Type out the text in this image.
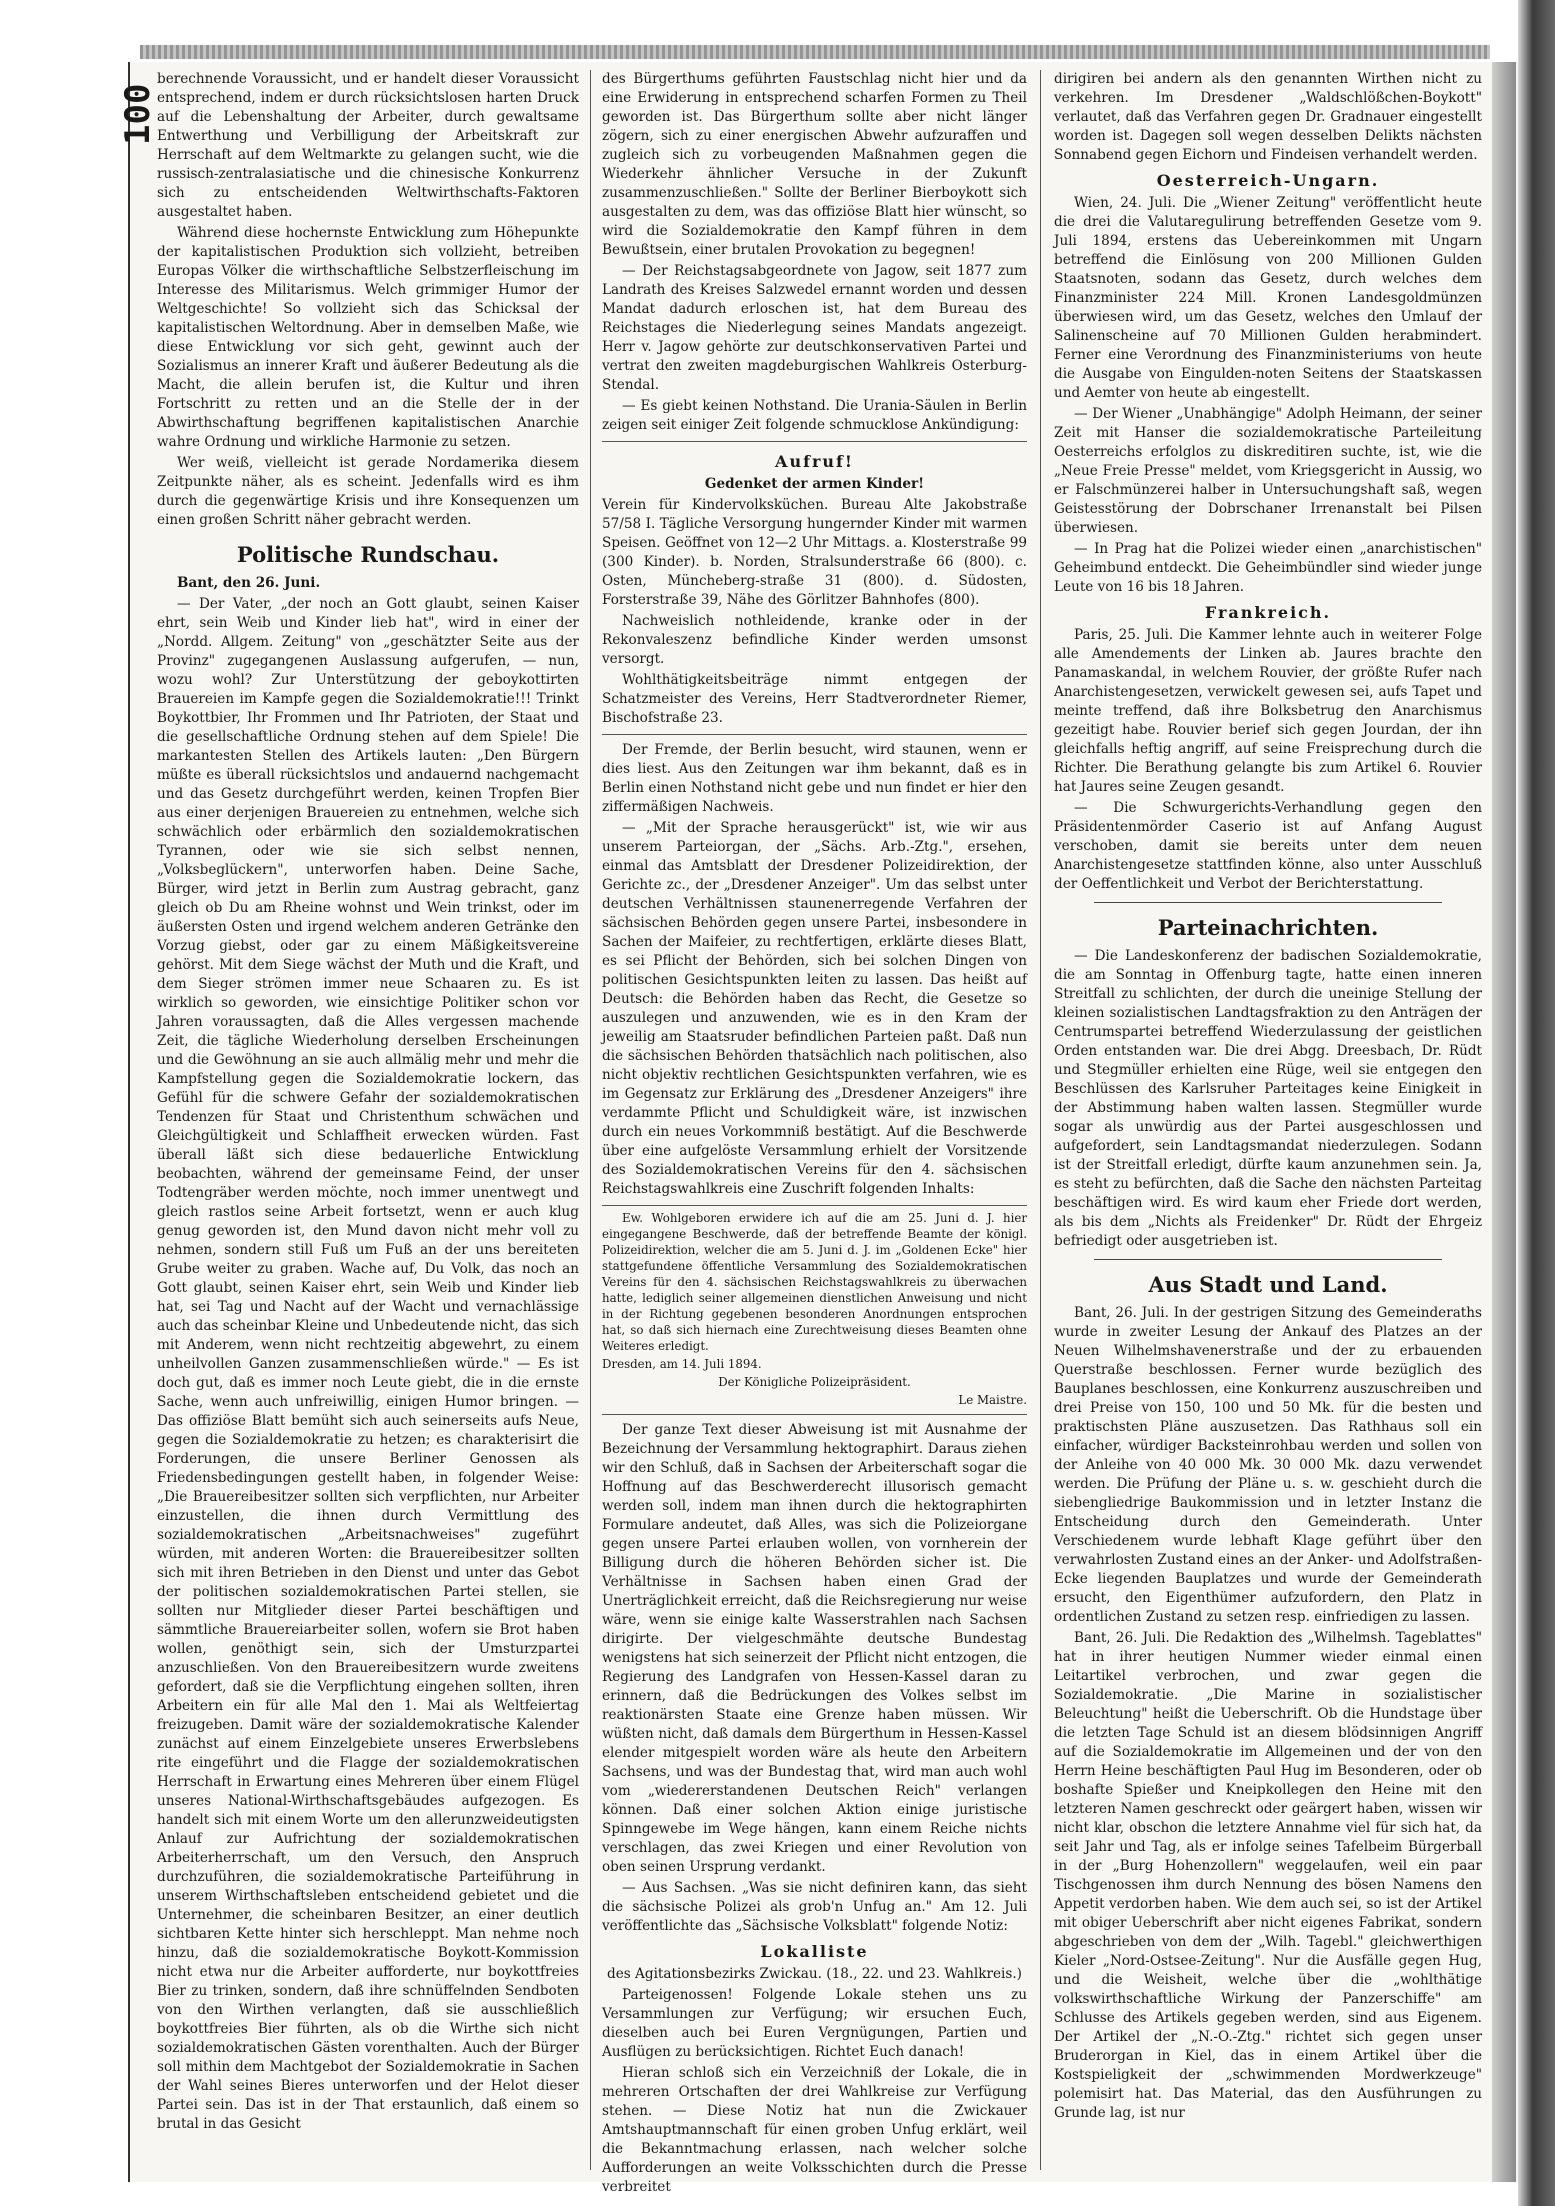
100

berechnende Voraussicht, und er handelt dieser Voraussicht entsprechend, indem er durch rücksichtslosen harten Druck auf die Lebenshaltung der Arbeiter, durch gewaltsame Entwerthung und Verbilligung der Arbeitskraft zur Herrschaft auf dem Weltmarkte zu gelangen sucht, wie die russisch-zentralasiatische und die chinesische Konkurrenz sich zu entscheidenden Weltwirthschafts-Faktoren ausgestaltet haben.

Während diese hochernste Entwicklung zum Höhepunkte der kapitalistischen Produktion sich vollzieht, betreiben Europas Völker die wirthschaftliche Selbstzerfleischung im Interesse des Militarismus. Welch grimmiger Humor der Weltgeschichte! So vollzieht sich das Schicksal der kapitalistischen Weltordnung. Aber in demselben Maße, wie diese Entwicklung vor sich geht, gewinnt auch der Sozialismus an innerer Kraft und äußerer Bedeutung als die Macht, die allein berufen ist, die Kultur und ihren Fortschritt zu retten und an die Stelle der in der Abwirthschaftung begriffenen kapitalistischen Anarchie wahre Ordnung und wirkliche Harmonie zu setzen.

Wer weiß, vielleicht ist gerade Nordamerika diesem Zeitpunkte näher, als es scheint. Jedenfalls wird es ihm durch die gegenwärtige Krisis und ihre Konsequenzen um einen großen Schritt näher gebracht werden.

Politische Rundschau.

Bant, den 26. Juni.

— Der Vater, „der noch an Gott glaubt, seinen Kaiser ehrt, sein Weib und Kinder lieb hat", wird in einer der „Nordd. Allgem. Zeitung" von „geschätzter Seite aus der Provinz" zugegangenen Auslassung aufgerufen, — nun, wozu wohl? Zur Unterstützung der geboykottirten Brauereien im Kampfe gegen die Sozialdemokratie!!! Trinkt Boykottbier, Ihr Frommen und Ihr Patrioten, der Staat und die gesellschaftliche Ordnung stehen auf dem Spiele! Die markantesten Stellen des Artikels lauten: „Den Bürgern müßte es überall rücksichtslos und andauernd nachgemacht und das Gesetz durchgeführt werden, keinen Tropfen Bier aus einer derjenigen Brauereien zu entnehmen, welche sich schwächlich oder erbärmlich den sozialdemokratischen Tyrannen, oder wie sie sich selbst nennen, „Volksbeglückern", unterworfen haben. Deine Sache, Bürger, wird jetzt in Berlin zum Austrag gebracht, ganz gleich ob Du am Rheine wohnst und Wein trinkst, oder im äußersten Osten und irgend welchem anderen Getränke den Vorzug giebst, oder gar zu einem Mäßigkeitsvereine gehörst. Mit dem Siege wächst der Muth und die Kraft, und dem Sieger strömen immer neue Schaaren zu. Es ist wirklich so geworden, wie einsichtige Politiker schon vor Jahren voraussagten, daß die Alles vergessen machende Zeit, die tägliche Wiederholung derselben Erscheinungen und die Gewöhnung an sie auch allmälig mehr und mehr die Kampfstellung gegen die Sozialdemokratie lockern, das Gefühl für die schwere Gefahr der sozialdemokratischen Tendenzen für Staat und Christenthum schwächen und Gleichgültigkeit und Schlaffheit erwecken würden. Fast überall läßt sich diese bedauerliche Entwicklung beobachten, während der gemeinsame Feind, der unser Todtengräber werden möchte, noch immer unentwegt und gleich rastlos seine Arbeit fortsetzt, wenn er auch klug genug geworden ist, den Mund davon nicht mehr voll zu nehmen, sondern still Fuß um Fuß an der uns bereiteten Grube weiter zu graben. Wache auf, Du Volk, das noch an Gott glaubt, seinen Kaiser ehrt, sein Weib und Kinder lieb hat, sei Tag und Nacht auf der Wacht und vernachlässige auch das scheinbar Kleine und Unbedeutende nicht, das sich mit Anderem, wenn nicht rechtzeitig abgewehrt, zu einem unheilvollen Ganzen zusammenschließen würde." — Es ist doch gut, daß es immer noch Leute giebt, die in die ernste Sache, wenn auch unfreiwillig, einigen Humor bringen. — Das offiziöse Blatt bemüht sich auch seinerseits aufs Neue, gegen die Sozialdemokratie zu hetzen; es charakterisirt die Forderungen, die unsere Berliner Genossen als Friedensbedingungen gestellt haben, in folgender Weise: „Die Brauereibesitzer sollten sich verpflichten, nur Arbeiter einzustellen, die ihnen durch Vermittlung des sozialdemokratischen „Arbeitsnachweises" zugeführt würden, mit anderen Worten: die Brauereibesitzer sollten sich mit ihren Betrieben in den Dienst und unter das Gebot der politischen sozialdemokratischen Partei stellen, sie sollten nur Mitglieder dieser Partei beschäftigen und sämmtliche Brauereiarbeiter sollen, wofern sie Brot haben wollen, genöthigt sein, sich der Umsturzpartei anzuschließen. Von den Brauereibesitzern wurde zweitens gefordert, daß sie die Verpflichtung eingehen sollten, ihren Arbeitern ein für alle Mal den 1. Mai als Weltfeiertag freizugeben. Damit wäre der sozialdemokratische Kalender zunächst auf einem Einzelgebiete unseres Erwerbslebens rite eingeführt und die Flagge der sozialdemokratischen Herrschaft in Erwartung eines Mehreren über einem Flügel unseres National-Wirthschaftsgebäudes aufgezogen. Es handelt sich mit einem Worte um den allerunzweideutigsten Anlauf zur Aufrichtung der sozialdemokratischen Arbeiterherrschaft, um den Versuch, den Anspruch durchzuführen, die sozialdemokratische Parteiführung in unserem Wirthschaftsleben entscheidend gebietet und die Unternehmer, die scheinbaren Besitzer, an einer deutlich sichtbaren Kette hinter sich herschleppt. Man nehme noch hinzu, daß die sozialdemokratische Boykott-Kommission nicht etwa nur die Arbeiter aufforderte, nur boykottfreies Bier zu trinken, sondern, daß ihre schnüffelnden Sendboten von den Wirthen verlangten, daß sie ausschließlich boykottfreies Bier führten, als ob die Wirthe sich nicht sozialdemokratischen Gästen vorenthalten. Auch der Bürger soll mithin dem Machtgebot der Sozialdemokratie in Sachen der Wahl seines Bieres unterworfen und der Helot dieser Partei sein. Das ist in der That erstaunlich, daß einem so brutal in das Gesicht

des Bürgerthums geführten Faustschlag nicht hier und da eine Erwiderung in entsprechend scharfen Formen zu Theil geworden ist. Das Bürgerthum sollte aber nicht länger zögern, sich zu einer energischen Abwehr aufzuraffen und zugleich sich zu vorbeugenden Maßnahmen gegen die Wiederkehr ähnlicher Versuche in der Zukunft zusammenzuschließen." Sollte der Berliner Bierboykott sich ausgestalten zu dem, was das offiziöse Blatt hier wünscht, so wird die Sozialdemokratie den Kampf führen in dem Bewußtsein, einer brutalen Provokation zu begegnen!

— Der Reichstagsabgeordnete von Jagow, seit 1877 zum Landrath des Kreises Salzwedel ernannt worden und dessen Mandat dadurch erloschen ist, hat dem Bureau des Reichstages die Niederlegung seines Mandats angezeigt. Herr v. Jagow gehörte zur deutschkonservativen Partei und vertrat den zweiten magdeburgischen Wahlkreis Osterburg-Stendal.

— Es giebt keinen Nothstand. Die Urania-Säulen in Berlin zeigen seit einiger Zeit folgende schmucklose Ankündigung:

Aufruf!

Gedenket der armen Kinder!

Verein für Kindervolksküchen. Bureau Alte Jakobstraße 57/58 I. Tägliche Versorgung hungernder Kinder mit warmen Speisen. Geöffnet von 12—2 Uhr Mittags. a. Klosterstraße 99 (300 Kinder). b. Norden, Stralsunderstraße 66 (800). c. Osten, Müncheberg-straße 31 (800). d. Südosten, Forsterstraße 39, Nähe des Görlitzer Bahnhofes (800).

Nachweislich nothleidende, kranke oder in der Rekonvaleszenz befindliche Kinder werden umsonst versorgt.

Wohlthätigkeitsbeiträge nimmt entgegen der Schatzmeister des Vereins, Herr Stadtverordneter Riemer, Bischofstraße 23.

Der Fremde, der Berlin besucht, wird staunen, wenn er dies liest. Aus den Zeitungen war ihm bekannt, daß es in Berlin einen Nothstand nicht gebe und nun findet er hier den ziffermäßigen Nachweis.

— „Mit der Sprache herausgerückt" ist, wie wir aus unserem Parteiorgan, der „Sächs. Arb.-Ztg.", ersehen, einmal das Amtsblatt der Dresdener Polizeidirektion, der Gerichte zc., der „Dresdener Anzeiger". Um das selbst unter deutschen Verhältnissen staunenerregende Verfahren der sächsischen Behörden gegen unsere Partei, insbesondere in Sachen der Maifeier, zu rechtfertigen, erklärte dieses Blatt, es sei Pflicht der Behörden, sich bei solchen Dingen von politischen Gesichtspunkten leiten zu lassen. Das heißt auf Deutsch: die Behörden haben das Recht, die Gesetze so auszulegen und anzuwenden, wie es in den Kram der jeweilig am Staatsruder befindlichen Parteien paßt. Daß nun die sächsischen Behörden thatsächlich nach politischen, also nicht objektiv rechtlichen Gesichtspunkten verfahren, wie es im Gegensatz zur Erklärung des „Dresdener Anzeigers" ihre verdammte Pflicht und Schuldigkeit wäre, ist inzwischen durch ein neues Vorkommniß bestätigt. Auf die Beschwerde über eine aufgelöste Versammlung erhielt der Vorsitzende des Sozialdemokratischen Vereins für den 4. sächsischen Reichstagswahlkreis eine Zuschrift folgenden Inhalts:

Ew. Wohlgeboren erwidere ich auf die am 25. Juni d. J. hier eingegangene Beschwerde, daß der betreffende Beamte der königl. Polizeidirektion, welcher die am 5. Juni d. J. im „Goldenen Ecke" hier stattgefundene öffentliche Versammlung des Sozialdemokratischen Vereins für den 4. sächsischen Reichstagswahlkreis zu überwachen hatte, lediglich seiner allgemeinen dienstlichen Anweisung und nicht in der Richtung gegebenen besonderen Anordnungen entsprochen hat, so daß sich hiernach eine Zurechtweisung dieses Beamten ohne Weiteres erledigt.

Dresden, am 14. Juli 1894.

Der Königliche Polizeipräsident.

Le Maistre.

Der ganze Text dieser Abweisung ist mit Ausnahme der Bezeichnung der Versammlung hektographirt. Daraus ziehen wir den Schluß, daß in Sachsen der Arbeiterschaft sogar die Hoffnung auf das Beschwerderecht illusorisch gemacht werden soll, indem man ihnen durch die hektographirten Formulare andeutet, daß Alles, was sich die Polizeiorgane gegen unsere Partei erlauben wollen, von vornherein der Billigung durch die höheren Behörden sicher ist. Die Verhältnisse in Sachsen haben einen Grad der Unerträglichkeit erreicht, daß die Reichsregierung nur weise wäre, wenn sie einige kalte Wasserstrahlen nach Sachsen dirigirte. Der vielgeschmähte deutsche Bundestag wenigstens hat sich seinerzeit der Pflicht nicht entzogen, die Regierung des Landgrafen von Hessen-Kassel daran zu erinnern, daß die Bedrückungen des Volkes selbst im reaktionärsten Staate eine Grenze haben müssen. Wir wüßten nicht, daß damals dem Bürgerthum in Hessen-Kassel elender mitgespielt worden wäre als heute den Arbeitern Sachsens, und was der Bundestag that, wird man auch wohl vom „wiedererstandenen Deutschen Reich" verlangen können. Daß einer solchen Aktion einige juristische Spinngewebe im Wege hängen, kann einem Reiche nichts verschlagen, das zwei Kriegen und einer Revolution von oben seinen Ursprung verdankt.

— Aus Sachsen. „Was sie nicht definiren kann, das sieht die sächsische Polizei als grob'n Unfug an." Am 12. Juli veröffentlichte das „Sächsische Volksblatt" folgende Notiz:

Lokalliste

des Agitationsbezirks Zwickau. (18., 22. und 23. Wahlkreis.)

Parteigenossen! Folgende Lokale stehen uns zu Versammlungen zur Verfügung; wir ersuchen Euch, dieselben auch bei Euren Vergnügungen, Partien und Ausflügen zu berücksichtigen. Richtet Euch danach!

Hieran schloß sich ein Verzeichniß der Lokale, die in mehreren Ortschaften der drei Wahlkreise zur Verfügung stehen. — Diese Notiz hat nun die Zwickauer Amtshauptmannschaft für einen groben Unfug erklärt, weil die Bekanntmachung erlassen, nach welcher solche Aufforderungen an weite Volksschichten durch die Presse verbreitet

dirigiren bei andern als den genannten Wirthen nicht zu verkehren. Im Dresdener „Waldschlößchen-Boykott" verlautet, daß das Verfahren gegen Dr. Gradnauer eingestellt worden ist. Dagegen soll wegen desselben Delikts nächsten Sonnabend gegen Eichorn und Findeisen verhandelt werden.

Oesterreich-Ungarn.

Wien, 24. Juli. Die „Wiener Zeitung" veröffentlicht heute die drei die Valutaregulirung betreffenden Gesetze vom 9. Juli 1894, erstens das Uebereinkommen mit Ungarn betreffend die Einlösung von 200 Millionen Gulden Staatsnoten, sodann das Gesetz, durch welches dem Finanzminister 224 Mill. Kronen Landesgoldmünzen überwiesen wird, um das Gesetz, welches den Umlauf der Salinenscheine auf 70 Millionen Gulden herabmindert. Ferner eine Verordnung des Finanzministeriums von heute die Ausgabe von Eingulden-noten Seitens der Staatskassen und Aemter von heute ab eingestellt.

— Der Wiener „Unabhängige" Adolph Heimann, der seiner Zeit mit Hanser die sozialdemokratische Parteileitung Oesterreichs erfolglos zu diskreditiren suchte, ist, wie die „Neue Freie Presse" meldet, vom Kriegsgericht in Aussig, wo er Falschmünzerei halber in Untersuchungshaft saß, wegen Geistesstörung der Dobrschaner Irrenanstalt bei Pilsen überwiesen.

— In Prag hat die Polizei wieder einen „anarchistischen" Geheimbund entdeckt. Die Geheimbündler sind wieder junge Leute von 16 bis 18 Jahren.

Frankreich.

Paris, 25. Juli. Die Kammer lehnte auch in weiterer Folge alle Amendements der Linken ab. Jaures brachte den Panamaskandal, in welchem Rouvier, der größte Rufer nach Anarchistengesetzen, verwickelt gewesen sei, aufs Tapet und meinte treffend, daß ihre Bolksbetrug den Anarchismus gezeitigt habe. Rouvier berief sich gegen Jourdan, der ihn gleichfalls heftig angriff, auf seine Freisprechung durch die Richter. Die Berathung gelangte bis zum Artikel 6. Rouvier hat Jaures seine Zeugen gesandt.

— Die Schwurgerichts-Verhandlung gegen den Präsidentenmörder Caserio ist auf Anfang August verschoben, damit sie bereits unter dem neuen Anarchistengesetze stattfinden könne, also unter Ausschluß der Oeffentlichkeit und Verbot der Berichterstattung.

Parteinachrichten.

— Die Landeskonferenz der badischen Sozialdemokratie, die am Sonntag in Offenburg tagte, hatte einen inneren Streitfall zu schlichten, der durch die uneinige Stellung der kleinen sozialistischen Landtagsfraktion zu den Anträgen der Centrumspartei betreffend Wiederzulassung der geistlichen Orden entstanden war. Die drei Abgg. Dreesbach, Dr. Rüdt und Stegmüller erhielten eine Rüge, weil sie entgegen den Beschlüssen des Karlsruher Parteitages keine Einigkeit in der Abstimmung haben walten lassen. Stegmüller wurde sogar als unwürdig aus der Partei ausgeschlossen und aufgefordert, sein Landtagsmandat niederzulegen. Sodann ist der Streitfall erledigt, dürfte kaum anzunehmen sein. Ja, es steht zu befürchten, daß die Sache den nächsten Parteitag beschäftigen wird. Es wird kaum eher Friede dort werden, als bis dem „Nichts als Freidenker" Dr. Rüdt der Ehrgeiz befriedigt oder ausgetrieben ist.

Aus Stadt und Land.

Bant, 26. Juli. In der gestrigen Sitzung des Gemeinderaths wurde in zweiter Lesung der Ankauf des Platzes an der Neuen Wilhelmshavenerstraße und der zu erbauenden Querstraße beschlossen. Ferner wurde bezüglich des Bauplanes beschlossen, eine Konkurrenz auszuschreiben und drei Preise von 150, 100 und 50 Mk. für die besten und praktischsten Pläne auszusetzen. Das Rathhaus soll ein einfacher, würdiger Backsteinrohbau werden und sollen von der Anleihe von 40 000 Mk. 30 000 Mk. dazu verwendet werden. Die Prüfung der Pläne u. s. w. geschieht durch die siebengliedrige Baukommission und in letzter Instanz die Entscheidung durch den Gemeinderath. Unter Verschiedenem wurde lebhaft Klage geführt über den verwahrlosten Zustand eines an der Anker- und Adolfstraßen-Ecke liegenden Bauplatzes und wurde der Gemeinderath ersucht, den Eigenthümer aufzufordern, den Platz in ordentlichen Zustand zu setzen resp. einfriedigen zu lassen.

Bant, 26. Juli. Die Redaktion des „Wilhelmsh. Tageblattes" hat in ihrer heutigen Nummer wieder einmal einen Leitartikel verbrochen, und zwar gegen die Sozialdemokratie. „Die Marine in sozialistischer Beleuchtung" heißt die Ueberschrift. Ob die Hundstage über die letzten Tage Schuld ist an diesem blödsinnigen Angriff auf die Sozialdemokratie im Allgemeinen und der von den Herrn Heine beschäftigten Paul Hug im Besonderen, oder ob boshafte Spießer und Kneipkollegen den Heine mit den letzteren Namen geschreckt oder geärgert haben, wissen wir nicht klar, obschon die letztere Annahme viel für sich hat, da seit Jahr und Tag, als er infolge seines Tafelbeim Bürgerball in der „Burg Hohenzollern" weggelaufen, weil ein paar Tischgenossen ihm durch Nennung des bösen Namens den Appetit verdorben haben. Wie dem auch sei, so ist der Artikel mit obiger Ueberschrift aber nicht eigenes Fabrikat, sondern abgeschrieben von dem der „Wilh. Tagebl." gleichwerthigen Kieler „Nord-Ostsee-Zeitung". Nur die Ausfälle gegen Hug, und die Weisheit, welche über die „wohlthätige volkswirthschaftliche Wirkung der Panzerschiffe" am Schlusse des Artikels gegeben werden, sind aus Eigenem. Der Artikel der „N.-O.-Ztg." richtet sich gegen unser Bruderorgan in Kiel, das in einem Artikel über die Kostspieligkeit der „schwimmenden Mordwerkzeuge" polemisirt hat. Das Material, das den Ausführungen zu Grunde lag, ist nur
